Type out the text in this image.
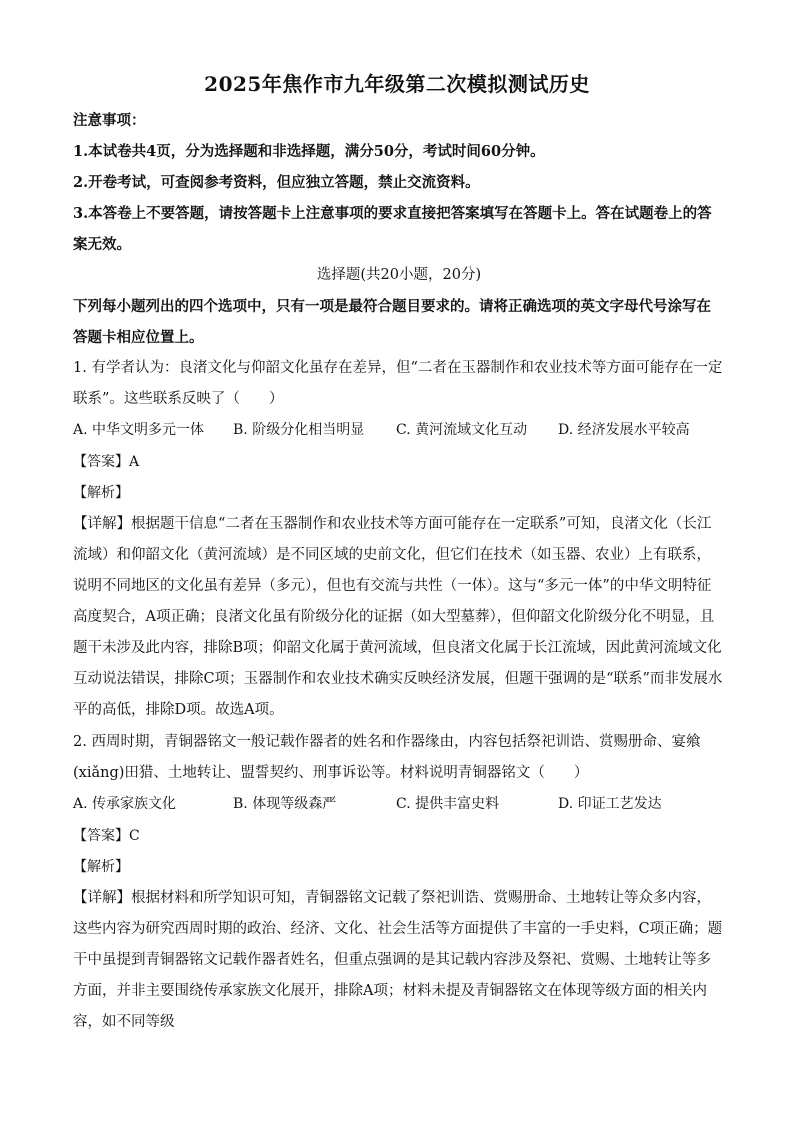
2025年焦作市九年级第二次模拟测试历史
注意事项：
1.本试卷共4页，分为选择题和非选择题，满分50分，考试时间60分钟。
2.开卷考试，可查阅参考资料，但应独立答题，禁止交流资料。
3.本答卷上不要答题，请按答题卡上注意事项的要求直接把答案填写在答题卡上。答在试题卷上的答案无效。
选择题(共20小题，20分)
下列每小题列出的四个选项中，只有一项是最符合题目要求的。请将正确选项的英文字母代号涂写在答题卡相应位置上。
1. 有学者认为：良渚文化与仰韶文化虽存在差异，但“二者在玉器制作和农业技术等方面可能存在一定联系”。这些联系反映了（　　）
A. 中华文明多元一体 B. 阶级分化相当明显 C. 黄河流域文化互动 D. 经济发展水平较高
【答案】A
【解析】
【详解】根据题干信息“二者在玉器制作和农业技术等方面可能存在一定联系”可知，良渚文化（长江流域）和仰韶文化（黄河流域）是不同区域的史前文化，但它们在技术（如玉器、农业）上有联系，说明不同地区的文化虽有差异（多元），但也有交流与共性（一体）。这与“多元一体”的中华文明特征高度契合，A项正确；良渚文化虽有阶级分化的证据（如大型墓葬），但仰韶文化阶级分化不明显，且题干未涉及此内容，排除B项；仰韶文化属于黄河流域，但良渚文化属于长江流域，因此黄河流域文化互动说法错误，排除C项；玉器制作和农业技术确实反映经济发展，但题干强调的是“联系”而非发展水平的高低，排除D项。故选A项。
2. 西周时期，青铜器铭文一般记载作器者的姓名和作器缘由，内容包括祭祀训诰、赏赐册命、宴飨(xiǎng)田猎、土地转让、盟誓契约、刑事诉讼等。材料说明青铜器铭文（　　）
A. 传承家族文化	B. 体现等级森严	C. 提供丰富史料	D. 印证工艺发达
【答案】C
【解析】
【详解】根据材料和所学知识可知，青铜器铭文记载了祭祀训诰、赏赐册命、土地转让等众多内容，这些内容为研究西周时期的政治、经济、文化、社会生活等方面提供了丰富的一手史料，C项正确；题干中虽提到青铜器铭文记载作器者姓名，但重点强调的是其记载内容涉及祭祀、赏赐、土地转让等多方面，并非主要围绕传承家族文化展开，排除A项；材料未提及青铜器铭文在体现等级方面的相关内容，如不同等级
